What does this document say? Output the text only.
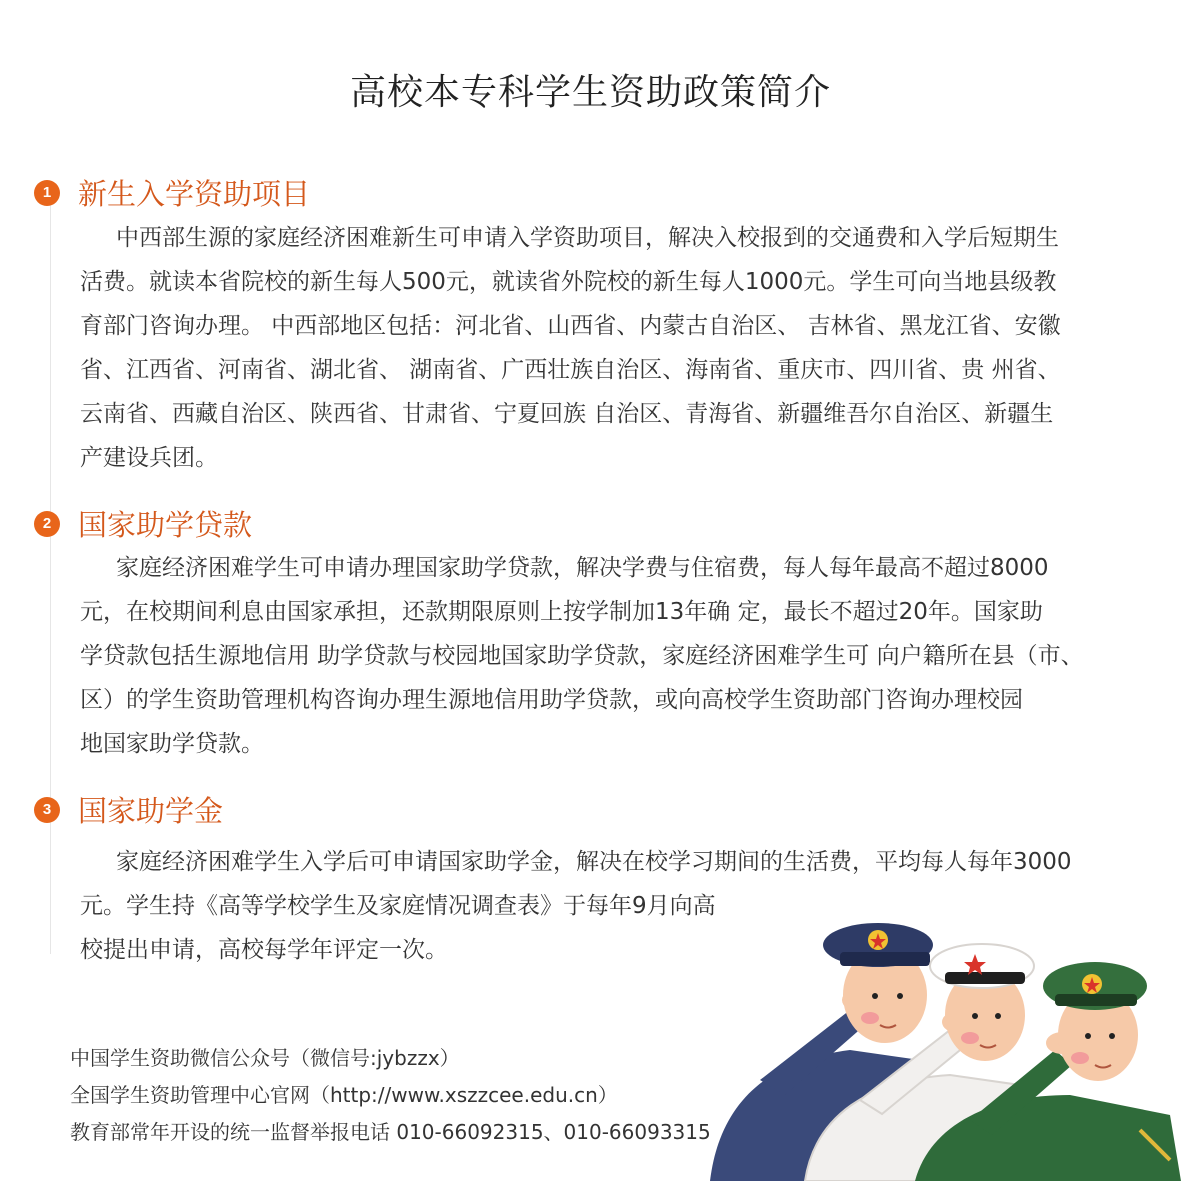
高校本专科学生资助政策简介
1 新生入学资助项目

中西部生源的家庭经济困难新生可申请入学资助项目，解决入校报到的交通费和入学后短期生
活费。就读本省院校的新生每人500元，就读省外院校的新生每人1000元。学生可向当地县级教
育部门咨询办理。 中西部地区包括：河北省、山西省、内蒙古自治区、 吉林省、黑龙江省、安徽
省、江西省、河南省、湖北省、 湖南省、广西壮族自治区、海南省、重庆市、四川省、贵 州省、
云南省、西藏自治区、陕西省、甘肃省、宁夏回族 自治区、青海省、新疆维吾尔自治区、新疆生
产建设兵团。

2 国家助学贷款

家庭经济困难学生可申请办理国家助学贷款，解决学费与住宿费，每人每年最高不超过8000
元，在校期间利息由国家承担，还款期限原则上按学制加13年确 定，最长不超过20年。国家助
学贷款包括生源地信用 助学贷款与校园地国家助学贷款，家庭经济困难学生可 向户籍所在县（市、
区）的学生资助管理机构咨询办理生源地信用助学贷款，或向高校学生资助部门咨询办理校园
地国家助学贷款。

3 国家助学金

家庭经济困难学生入学后可申请国家助学金，解决在校学习期间的生活费，平均每人每年3000
元。学生持《高等学校学生及家庭情况调查表》于每年9月向高
校提出申请，高校每学年评定一次。

中国学生资助微信公众号（微信号:jybzzx）
全国学生资助管理中心官网（http://www.xszzcee.edu.cn）
教育部常年开设的统一监督举报电话 010-66092315、010-66093315
